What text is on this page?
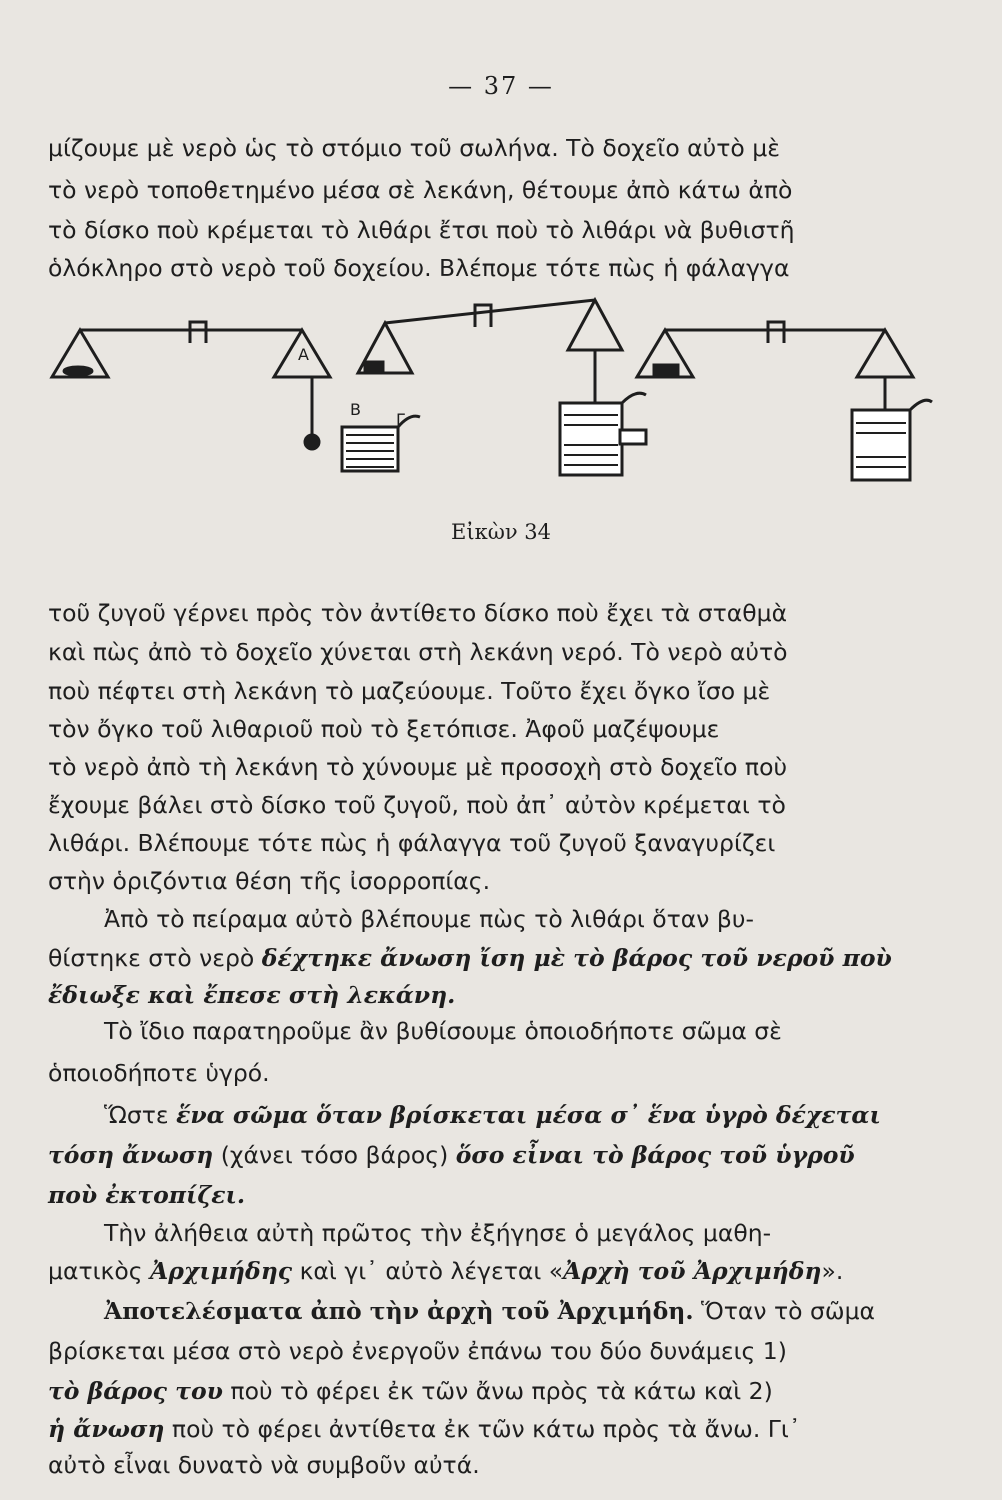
— 37 —
μίζουμε μὲ νερὸ ὡς τὸ στόμιο τοῦ σωλήνα. Τὸ δοχεῖο αὐτὸ μὲ
τὸ νερὸ τοποθετημένο μέσα σὲ λεκάνη, θέτουμε ἀπὸ κάτω ἀπὸ
τὸ δίσκο ποὺ κρέμεται τὸ λιθάρι ἔτσι ποὺ τὸ λιθάρι νὰ βυθιστῆ
ὁλόκληρο στὸ νερὸ τοῦ δοχείου. Βλέπομε τότε πὼς ἡ φάλαγγα
Α
Β
Γ
Εἰκὼν 34
τοῦ ζυγοῦ γέρνει πρὸς τὸν ἀντίθετο δίσκο ποὺ ἔχει τὰ σταθμὰ
καὶ πὼς ἀπὸ τὸ δοχεῖο χύνεται στὴ λεκάνη νερό. Τὸ νερὸ αὐτὸ
ποὺ πέφτει στὴ λεκάνη τὸ μαζεύουμε. Τοῦτο ἔχει ὄγκο ἴσο μὲ
τὸν ὄγκο τοῦ λιθαριοῦ ποὺ τὸ ξετόπισε. Ἀφοῦ μαζέψουμε
τὸ νερὸ ἀπὸ τὴ λεκάνη τὸ χύνουμε μὲ προσοχὴ στὸ δοχεῖο ποὺ
ἔχουμε βάλει στὸ δίσκο τοῦ ζυγοῦ, ποὺ ἀπ᾽ αὐτὸν κρέμεται τὸ
λιθάρι. Βλέπουμε τότε πὼς ἡ φάλαγγα τοῦ ζυγοῦ ξαναγυρίζει
στὴν ὁριζόντια θέση τῆς ἰσορροπίας.
Ἀπὸ τὸ πείραμα αὐτὸ βλέπουμε πὼς τὸ λιθάρι ὅταν βυ-
θίστηκε στὸ νερὸ δέχτηκε ἄνωση ἴση μὲ τὸ βάρος τοῦ νεροῦ ποὺ
ἔδιωξε καὶ ἔπεσε στὴ λεκάνη.
Τὸ ἴδιο παρατηροῦμε ἂν βυθίσουμε ὁποιοδήποτε σῶμα σὲ
ὁποιοδήποτε ὑγρό.
Ὥστε ἕνα σῶμα ὅταν βρίσκεται μέσα σ᾽ ἕνα ὑγρὸ δέχεται
τόση ἄνωση (χάνει τόσο βάρος) ὅσο εἶναι τὸ βάρος τοῦ ὑγροῦ
ποὺ ἐκτοπίζει.
Τὴν ἀλήθεια αὐτὴ πρῶτος τὴν ἐξήγησε ὁ μεγάλος μαθη-
ματικὸς Ἀρχιμήδης καὶ γι᾽ αὐτὸ λέγεται «Ἀρχὴ τοῦ Ἀρχιμήδη».
Ἀποτελέσματα ἀπὸ τὴν ἀρχὴ τοῦ Ἀρχιμήδη. Ὅταν τὸ σῶμα
βρίσκεται μέσα στὸ νερὸ ἐνεργοῦν ἐπάνω του δύο δυνάμεις 1)
τὸ βάρος του ποὺ τὸ φέρει ἐκ τῶν ἄνω πρὸς τὰ κάτω καὶ 2)
ἡ ἄνωση ποὺ τὸ φέρει ἀντίθετα ἐκ τῶν κάτω πρὸς τὰ ἄνω. Γι᾽
αὐτὸ εἶναι δυνατὸ νὰ συμβοῦν αὐτά.
